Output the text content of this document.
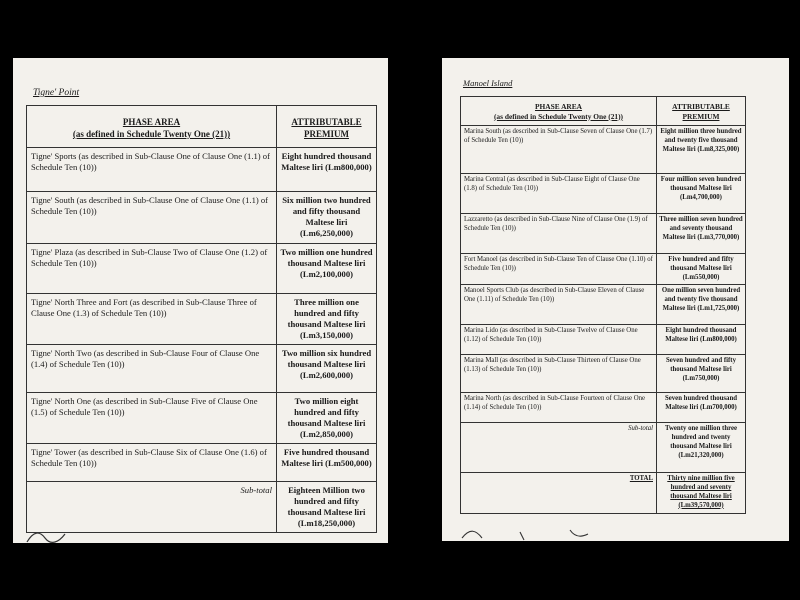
Tigne' Point
PHASE AREA
(as defined in Schedule Twenty One (21))	ATTRIBUTABLE PREMIUM
Tigne' Sports (as described in Sub-Clause One of Clause One (1.1) of Schedule Ten (10))	Eight hundred thousand Maltese liri (Lm800,000)
Tigne' South (as described in Sub-Clause One of Clause One (1.1) of Schedule Ten (10))	Six million two hundred and fifty thousand Maltese liri (Lm6,250,000)
Tigne' Plaza (as described in Sub-Clause Two of Clause One (1.2) of Schedule Ten (10))	Two million one hundred thousand Maltese liri (Lm2,100,000)
Tigne' North Three and Fort (as described in Sub-Clause Three of Clause One (1.3) of Schedule Ten (10))	Three million one hundred and fifty thousand Maltese liri (Lm3,150,000)
Tigne' North Two (as described in Sub-Clause Four of Clause One (1.4) of Schedule Ten (10))	Two million six hundred thousand Maltese liri (Lm2,600,000)
Tigne' North One (as described in Sub-Clause Five of Clause One (1.5) of Schedule Ten (10))	Two million eight hundred and fifty thousand Maltese liri (Lm2,850,000)
Tigne' Tower (as described in Sub-Clause Six of Clause One (1.6) of Schedule Ten (10))	Five hundred thousand Maltese liri (Lm500,000)
Sub-total	Eighteen Million two hundred and fifty thousand Maltese liri (Lm18,250,000)
Manoel Island
PHASE AREA
(as defined in Schedule Twenty One (21))	ATTRIBUTABLE PREMIUM
Marina South (as described in Sub-Clause Seven of Clause One (1.7) of Schedule Ten (10))	Eight million three hundred and twenty five thousand Maltese liri (Lm8,325,000)
Marina Central (as described in Sub-Clause Eight of Clause One (1.8) of Schedule Ten (10))	Four million seven hundred thousand Maltese liri (Lm4,700,000)
Lazzaretto (as described in Sub-Clause Nine of Clause One (1.9) of Schedule Ten (10))	Three million seven hundred and seventy thousand Maltese liri (Lm3,770,000)
Fort Manoel (as described in Sub-Clause Ten of Clause One (1.10) of Schedule Ten (10))	Five hundred and fifty thousand Maltese liri (Lm550,000)
Manoel Sports Club (as described in Sub-Clause Eleven of Clause One (1.11) of Schedule Ten (10))	One million seven hundred and twenty five thousand Maltese liri (Lm1,725,000)
Marina Lido (as described in Sub-Clause Twelve of Clause One (1.12) of Schedule Ten (10))	Eight hundred thousand Maltese liri (Lm800,000)
Marina Mall (as described in Sub-Clause Thirteen of Clause One (1.13) of Schedule Ten (10))	Seven hundred and fifty thousand Maltese liri (Lm750,000)
Marina North (as described in Sub-Clause Fourteen of Clause One (1.14) of Schedule Ten (10))	Seven hundred thousand Maltese liri (Lm700,000)
Sub-total	Twenty one million three hundred and twenty thousand Maltese liri (Lm21,320,000)
TOTAL	Thirty nine million five hundred and seventy thousand Maltese liri (Lm39,570,000)
